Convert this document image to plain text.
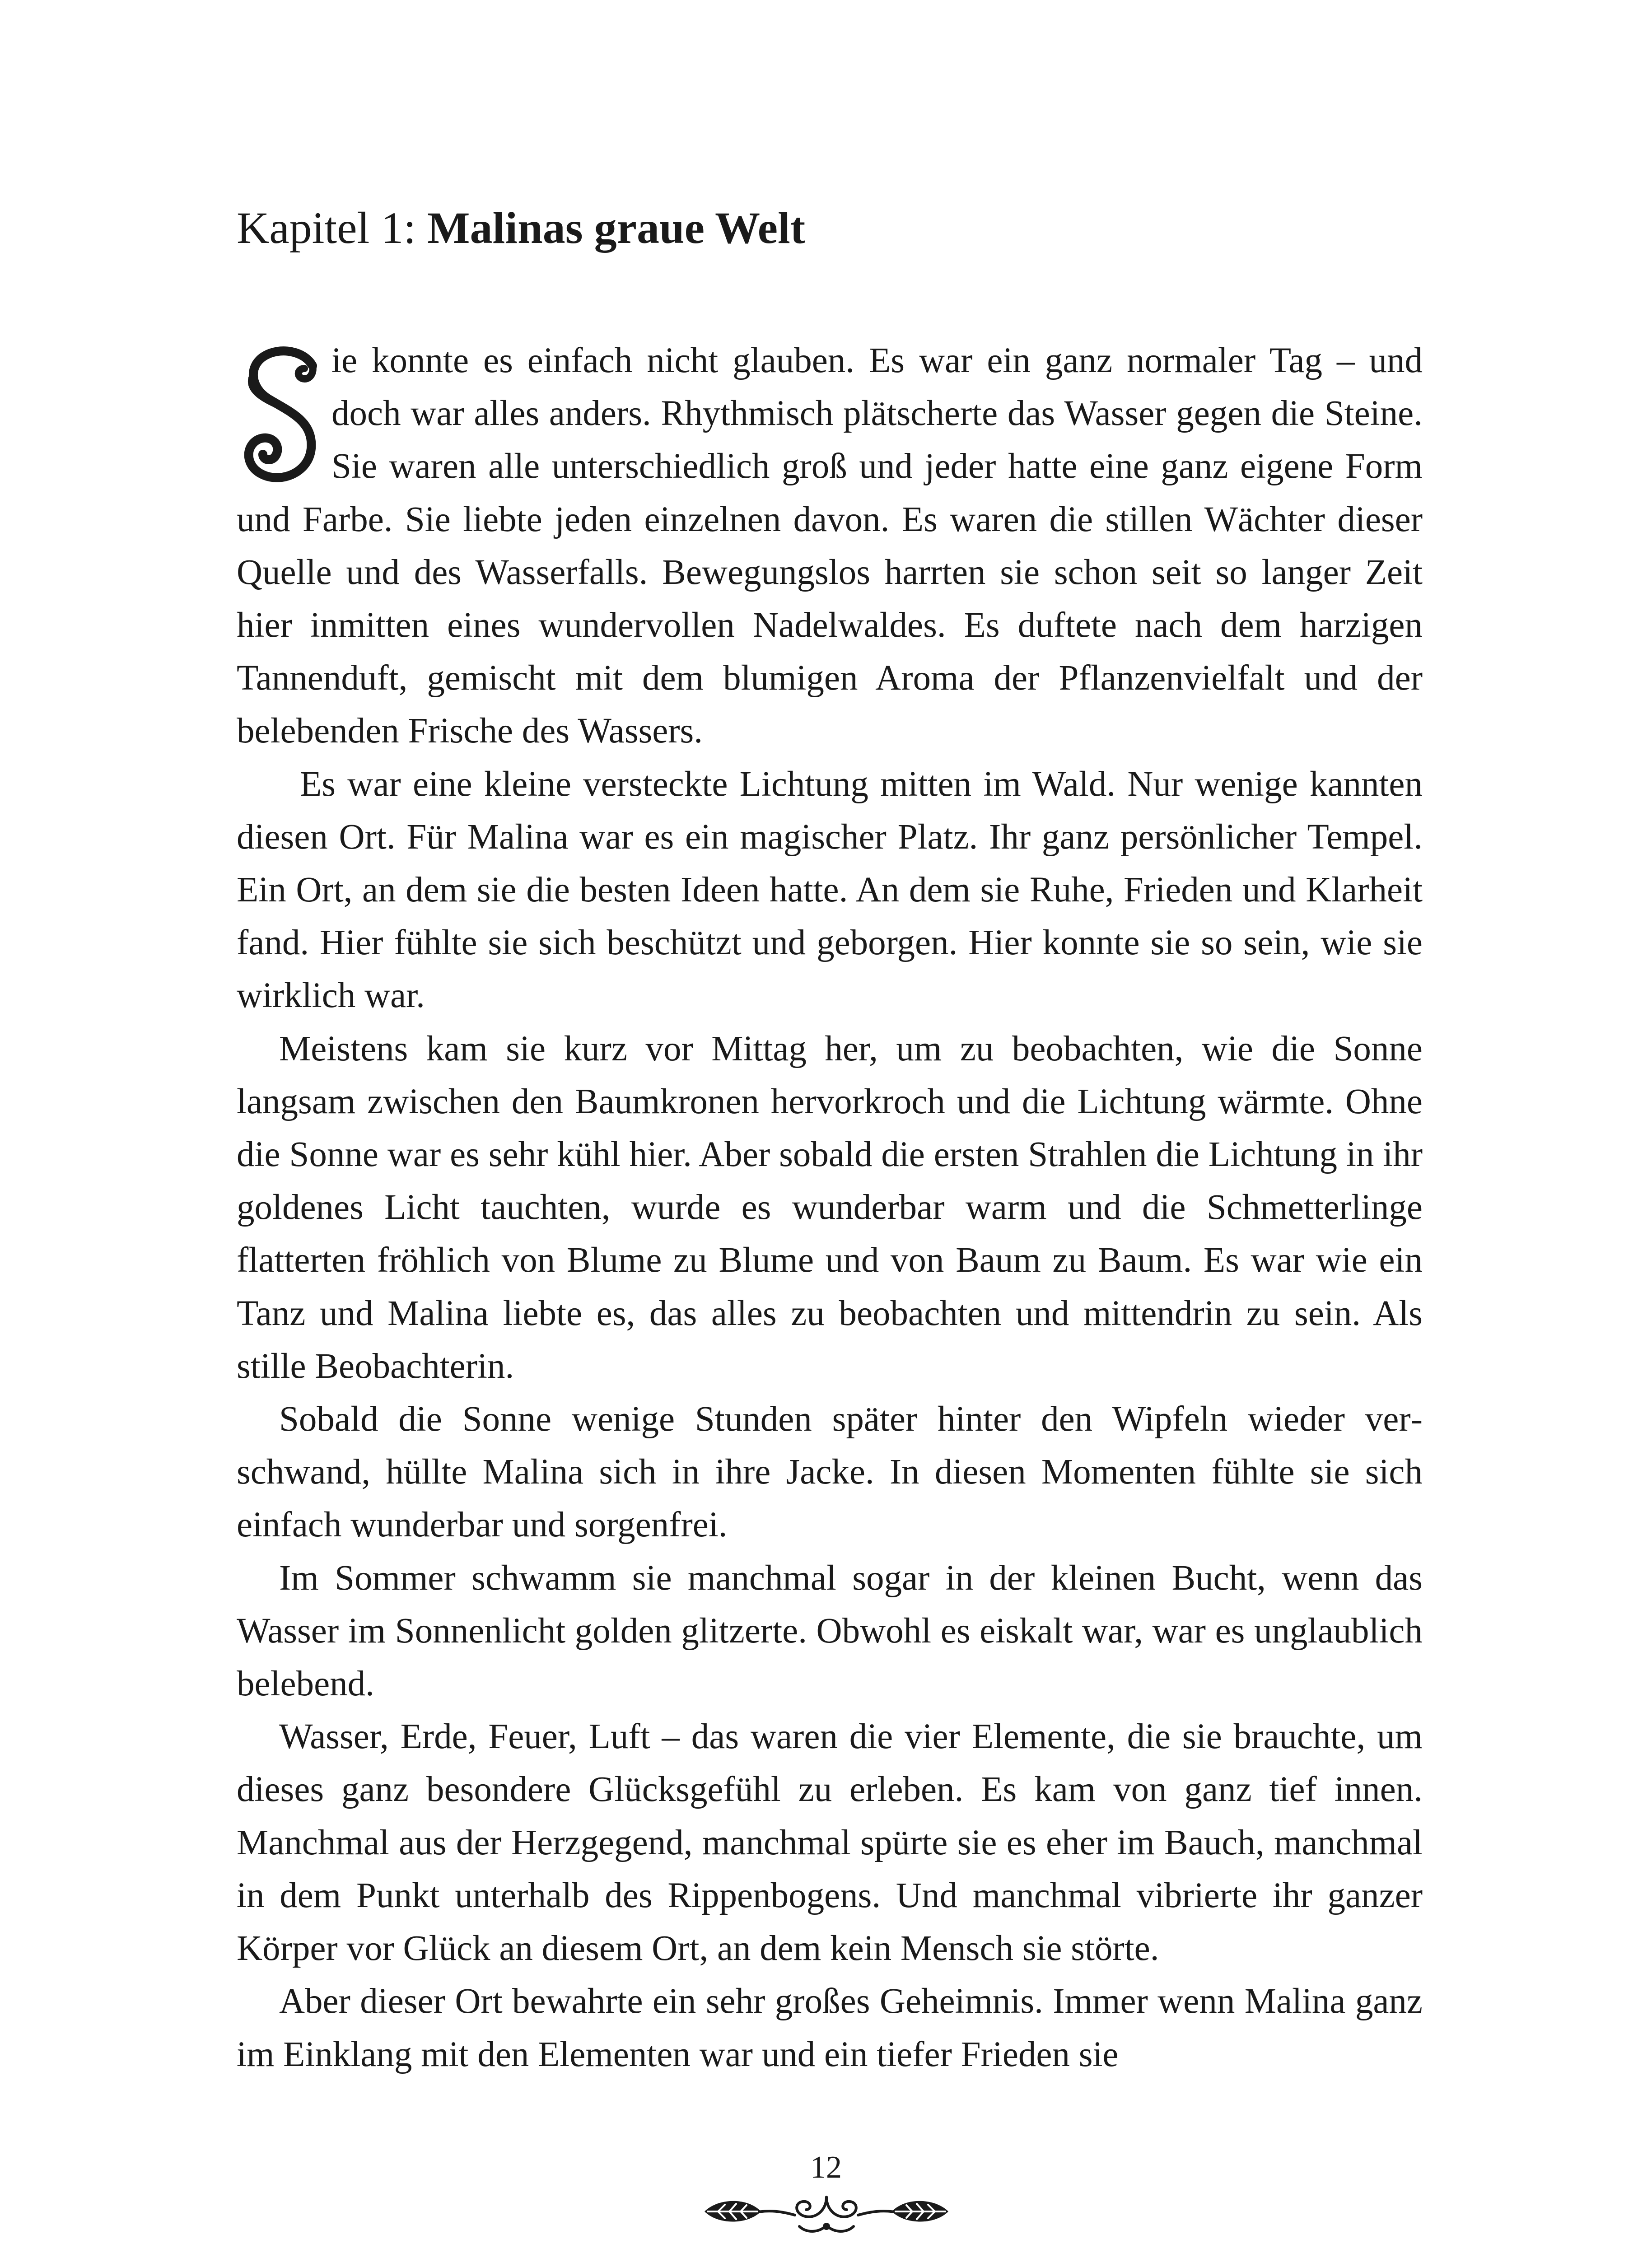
Kapitel 1: Malinas graue Welt

ie konnte es einfach nicht glauben. Es war ein ganz normaler Tag – und doch war alles anders. Rhythmisch plätscherte das Wasser gegen die Steine. Sie waren alle unterschiedlich groß und jeder hatte eine ganz eigene Form und Farbe. Sie liebte jeden einzelnen davon. Es waren die stillen Wächter dieser Quelle und des Wasserfalls. Bewegungslos harrten sie schon seit so langer Zeit hier inmitten eines wundervollen Nadelwaldes. Es duftete nach dem harzigen Tannenduft, gemischt mit dem blumigen Aroma der Pflanzenvielfalt und der belebenden Frische des Wassers.

Es war eine kleine versteckte Lichtung mitten im Wald. Nur wenige kannten diesen Ort. Für Malina war es ein magischer Platz. Ihr ganz persönlicher Tempel. Ein Ort, an dem sie die besten Ideen hatte. An dem sie Ruhe, Frieden und Klarheit fand. Hier fühlte sie sich beschützt und geborgen. Hier konnte sie so sein, wie sie wirklich war.

Meistens kam sie kurz vor Mittag her, um zu beobachten, wie die Sonne langsam zwischen den Baumkronen hervorkroch und die Lichtung wärmte. Ohne die Sonne war es sehr kühl hier. Aber sobald die ersten Strahlen die Lichtung in ihr goldenes Licht tauchten, wurde es wunderbar warm und die Schmetterlinge flatterten fröhlich von Blume zu Blume und von Baum zu Baum. Es war wie ein Tanz und Malina liebte es, das alles zu beobachten und mittendrin zu sein. Als stille Beobachterin.

Sobald die Sonne wenige Stunden später hinter den Wipfeln wieder verschwand, hüllte Malina sich in ihre Jacke. In diesen Momenten fühlte sie sich einfach wunderbar und sorgenfrei.

Im Sommer schwamm sie manchmal sogar in der kleinen Bucht, wenn das Wasser im Sonnenlicht golden glitzerte. Obwohl es eiskalt war, war es unglaublich belebend.

Wasser, Erde, Feuer, Luft – das waren die vier Elemente, die sie brauchte, um dieses ganz besondere Glücksgefühl zu erleben. Es kam von ganz tief innen. Manchmal aus der Herzgegend, manchmal spürte sie es eher im Bauch, manchmal in dem Punkt unterhalb des Rippenbogens. Und manchmal vibrierte ihr ganzer Körper vor Glück an diesem Ort, an dem kein Mensch sie störte.

Aber dieser Ort bewahrte ein sehr großes Geheimnis. Immer wenn Malina ganz im Einklang mit den Elementen war und ein tiefer Frieden sie

12
